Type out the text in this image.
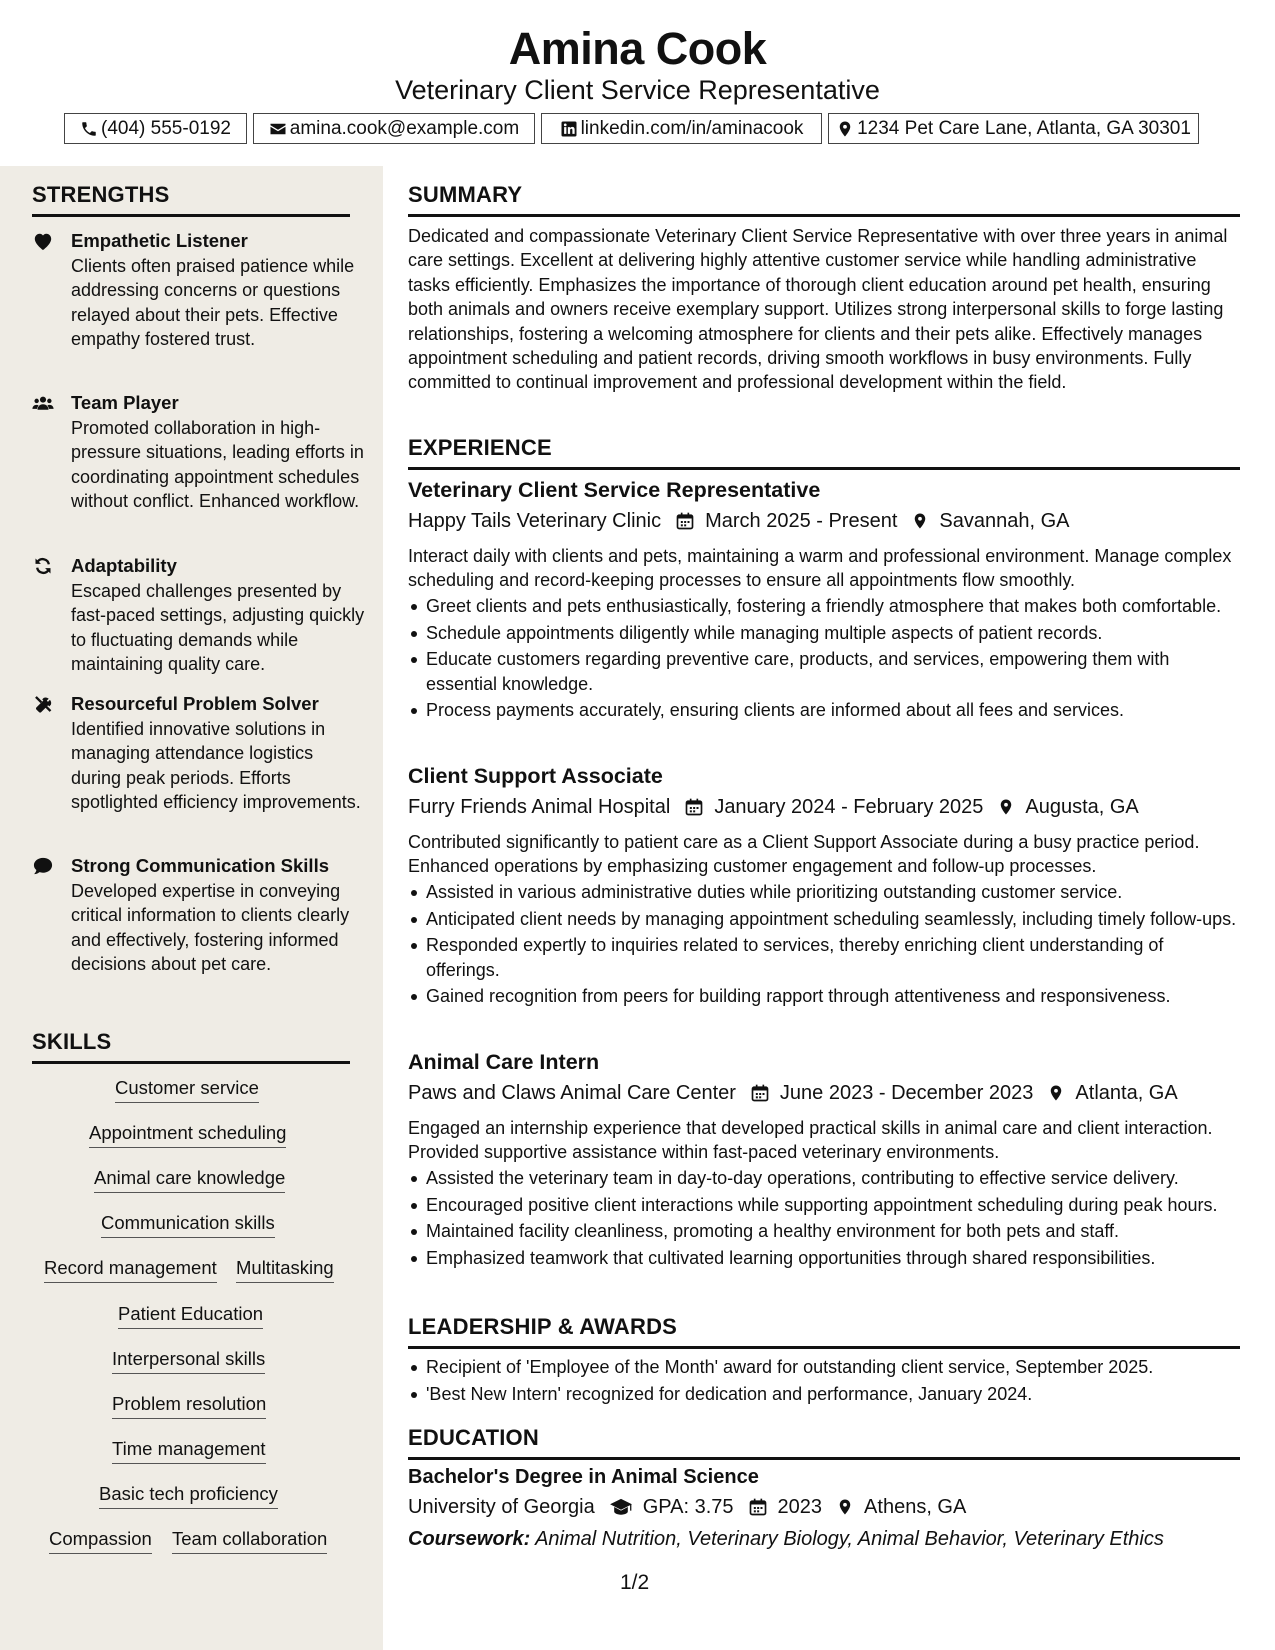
Amina Cook
Veterinary Client Service Representative
(404) 555-0192	amina.cook@example.com	linkedin.com/in/aminacook	1234 Pet Care Lane, Atlanta, GA 30301
STRENGTHS
Empathetic Listener
Clients often praised patience while addressing concerns or questions relayed about their pets. Effective empathy fostered trust.
Team Player
Promoted collaboration in high-pressure situations, leading efforts in coordinating appointment schedules without conflict. Enhanced workflow.
Adaptability
Escaped challenges presented by fast-paced settings, adjusting quickly to fluctuating demands while maintaining quality care.
Resourceful Problem Solver
Identified innovative solutions in managing attendance logistics during peak periods. Efforts spotlighted efficiency improvements.
Strong Communication Skills
Developed expertise in conveying critical information to clients clearly and effectively, fostering informed decisions about pet care.
SKILLS
Customer service
Appointment scheduling
Animal care knowledge
Communication skills
Record management Multitasking
Patient Education
Interpersonal skills
Problem resolution
Time management
Basic tech proficiency
Compassion Team collaboration
SUMMARY
Dedicated and compassionate Veterinary Client Service Representative with over three years in animal care settings. Excellent at delivering highly attentive customer service while handling administrative tasks efficiently. Emphasizes the importance of thorough client education around pet health, ensuring both animals and owners receive exemplary support. Utilizes strong interpersonal skills to forge lasting relationships, fostering a welcoming atmosphere for clients and their pets alike. Effectively manages appointment scheduling and patient records, driving smooth workflows in busy environments. Fully committed to continual improvement and professional development within the field.
EXPERIENCE
Veterinary Client Service Representative
Happy Tails Veterinary Clinic March 2025 - Present Savannah, GA
Interact daily with clients and pets, maintaining a warm and professional environment. Manage complex scheduling and record-keeping processes to ensure all appointments flow smoothly.
Greet clients and pets enthusiastically, fostering a friendly atmosphere that makes both comfortable.
Schedule appointments diligently while managing multiple aspects of patient records.
Educate customers regarding preventive care, products, and services, empowering them with essential knowledge.
Process payments accurately, ensuring clients are informed about all fees and services.
Client Support Associate
Furry Friends Animal Hospital January 2024 - February 2025 Augusta, GA
Contributed significantly to patient care as a Client Support Associate during a busy practice period. Enhanced operations by emphasizing customer engagement and follow-up processes.
Assisted in various administrative duties while prioritizing outstanding customer service.
Anticipated client needs by managing appointment scheduling seamlessly, including timely follow-ups.
Responded expertly to inquiries related to services, thereby enriching client understanding of offerings.
Gained recognition from peers for building rapport through attentiveness and responsiveness.
Animal Care Intern
Paws and Claws Animal Care Center June 2023 - December 2023 Atlanta, GA
Engaged an internship experience that developed practical skills in animal care and client interaction. Provided supportive assistance within fast-paced veterinary environments.
Assisted the veterinary team in day-to-day operations, contributing to effective service delivery.
Encouraged positive client interactions while supporting appointment scheduling during peak hours.
Maintained facility cleanliness, promoting a healthy environment for both pets and staff.
Emphasized teamwork that cultivated learning opportunities through shared responsibilities.
LEADERSHIP & AWARDS
Recipient of 'Employee of the Month' award for outstanding client service, September 2025.
'Best New Intern' recognized for dedication and performance, January 2024.
EDUCATION
Bachelor's Degree in Animal Science
University of Georgia GPA: 3.75 2023 Athens, GA
Coursework: Animal Nutrition, Veterinary Biology, Animal Behavior, Veterinary Ethics
1/2
